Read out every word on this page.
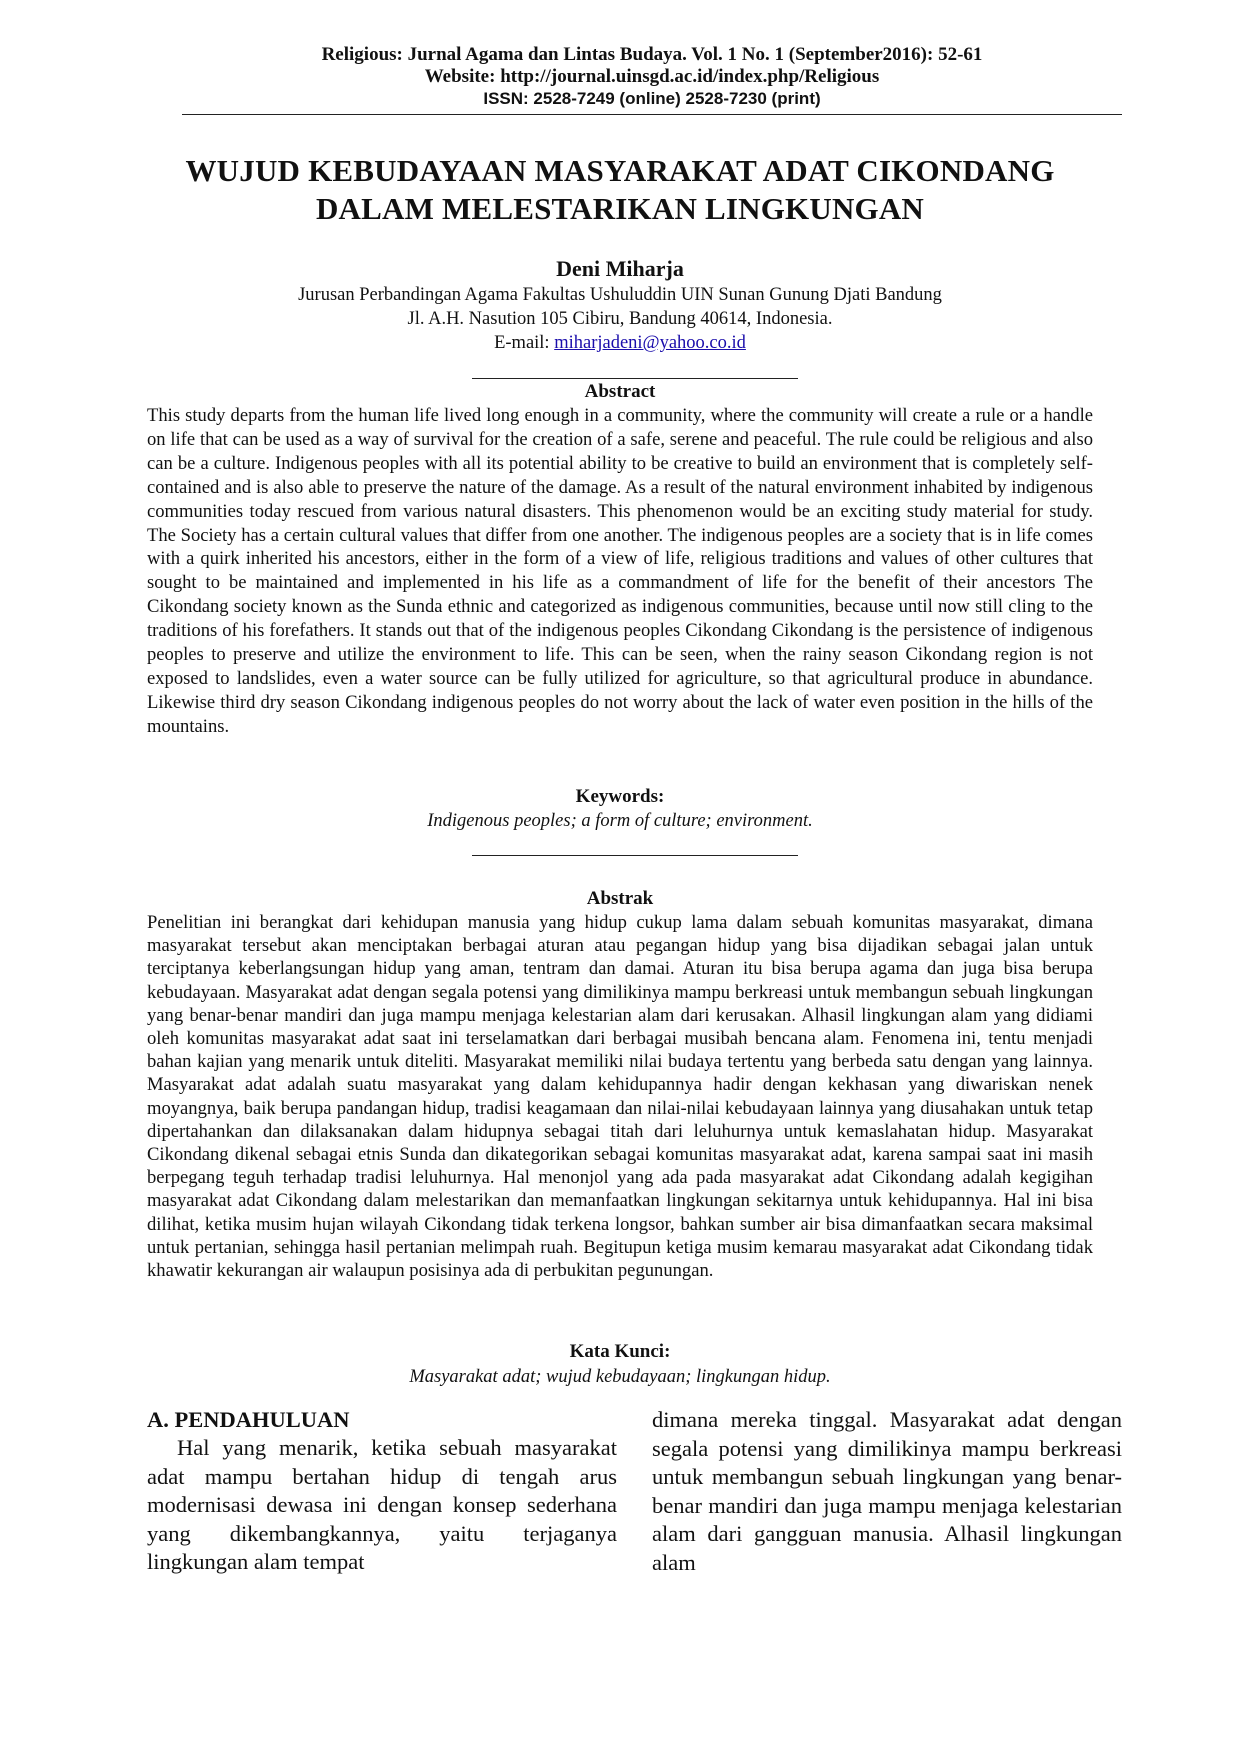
Religious: Jurnal Agama dan Lintas Budaya. Vol. 1 No. 1 (September2016): 52-61
Website: http://journal.uinsgd.ac.id/index.php/Religious
ISSN: 2528-7249 (online) 2528-7230 (print)
WUJUD KEBUDAYAAN MASYARAKAT ADAT CIKONDANG
DALAM MELESTARIKAN LINGKUNGAN
Deni Miharja
Jurusan Perbandingan Agama Fakultas Ushuluddin UIN Sunan Gunung Djati Bandung
Jl. A.H. Nasution 105 Cibiru, Bandung 40614, Indonesia.
E-mail: miharjadeni@yahoo.co.id
Abstract
This study departs from the human life lived long enough in a community, where the community will create a rule or a handle on life that can be used as a way of survival for the creation of a safe, serene and peaceful. The rule could be religious and also can be a culture. Indigenous peoples with all its potential ability to be creative to build an environment that is completely self-contained and is also able to preserve the nature of the damage. As a result of the natural environment inhabited by indigenous communities today rescued from various natural disasters. This phenomenon would be an exciting study material for study. The Society has a certain cultural values that differ from one another. The indigenous peoples are a society that is in life comes with a quirk inherited his ancestors, either in the form of a view of life, religious traditions and values of other cultures that sought to be maintained and implemented in his life as a commandment of life for the benefit of their ancestors The Cikondang society known as the Sunda ethnic and categorized as indigenous communities, because until now still cling to the traditions of his forefathers. It stands out that of the indigenous peoples Cikondang Cikondang is the persistence of indigenous peoples to preserve and utilize the environment to life. This can be seen, when the rainy season Cikondang region is not exposed to landslides, even a water source can be fully utilized for agriculture, so that agricultural produce in abundance. Likewise third dry season Cikondang indigenous peoples do not worry about the lack of water even position in the hills of the mountains.
Keywords:
Indigenous peoples; a form of culture; environment.
Abstrak
Penelitian ini berangkat dari kehidupan manusia yang hidup cukup lama dalam sebuah komunitas masyarakat, dimana masyarakat tersebut akan menciptakan berbagai aturan atau pegangan hidup yang bisa dijadikan sebagai jalan untuk terciptanya keberlangsungan hidup yang aman, tentram dan damai. Aturan itu bisa berupa agama dan juga bisa berupa kebudayaan. Masyarakat adat dengan segala potensi yang dimilikinya mampu berkreasi untuk membangun sebuah lingkungan yang benar-benar mandiri dan juga mampu menjaga kelestarian alam dari kerusakan. Alhasil lingkungan alam yang didiami oleh komunitas masyarakat adat saat ini terselamatkan dari berbagai musibah bencana alam. Fenomena ini, tentu menjadi bahan kajian yang menarik untuk diteliti. Masyarakat memiliki nilai budaya tertentu yang berbeda satu dengan yang lainnya. Masyarakat adat adalah suatu masyarakat yang dalam kehidupannya hadir dengan kekhasan yang diwariskan nenek moyangnya, baik berupa pandangan hidup, tradisi keagamaan dan nilai-nilai kebudayaan lainnya yang diusahakan untuk tetap dipertahankan dan dilaksanakan dalam hidupnya sebagai titah dari leluhurnya untuk kemaslahatan hidup. Masyarakat Cikondang dikenal sebagai etnis Sunda dan dikategorikan sebagai komunitas masyarakat adat, karena sampai saat ini masih berpegang teguh terhadap tradisi leluhurnya. Hal menonjol yang ada pada masyarakat adat Cikondang adalah kegigihan masyarakat adat Cikondang dalam melestarikan dan memanfaatkan lingkungan sekitarnya untuk kehidupannya. Hal ini bisa dilihat, ketika musim hujan wilayah Cikondang tidak terkena longsor, bahkan sumber air bisa dimanfaatkan secara maksimal untuk pertanian, sehingga hasil pertanian melimpah ruah. Begitupun ketiga musim kemarau masyarakat adat Cikondang tidak khawatir kekurangan air walaupun posisinya ada di perbukitan pegunungan.
Kata Kunci:
Masyarakat adat; wujud kebudayaan; lingkungan hidup.
A. PENDAHULUAN
Hal yang menarik, ketika sebuah masyarakat adat mampu bertahan hidup di tengah arus modernisasi dewasa ini dengan konsep sederhana yang dikembangkannya, yaitu terjaganya lingkungan alam tempat
dimana mereka tinggal. Masyarakat adat dengan segala potensi yang dimilikinya mampu berkreasi untuk membangun sebuah lingkungan yang benar-benar mandiri dan juga mampu menjaga kelestarian alam dari gangguan manusia. Alhasil lingkungan alam
